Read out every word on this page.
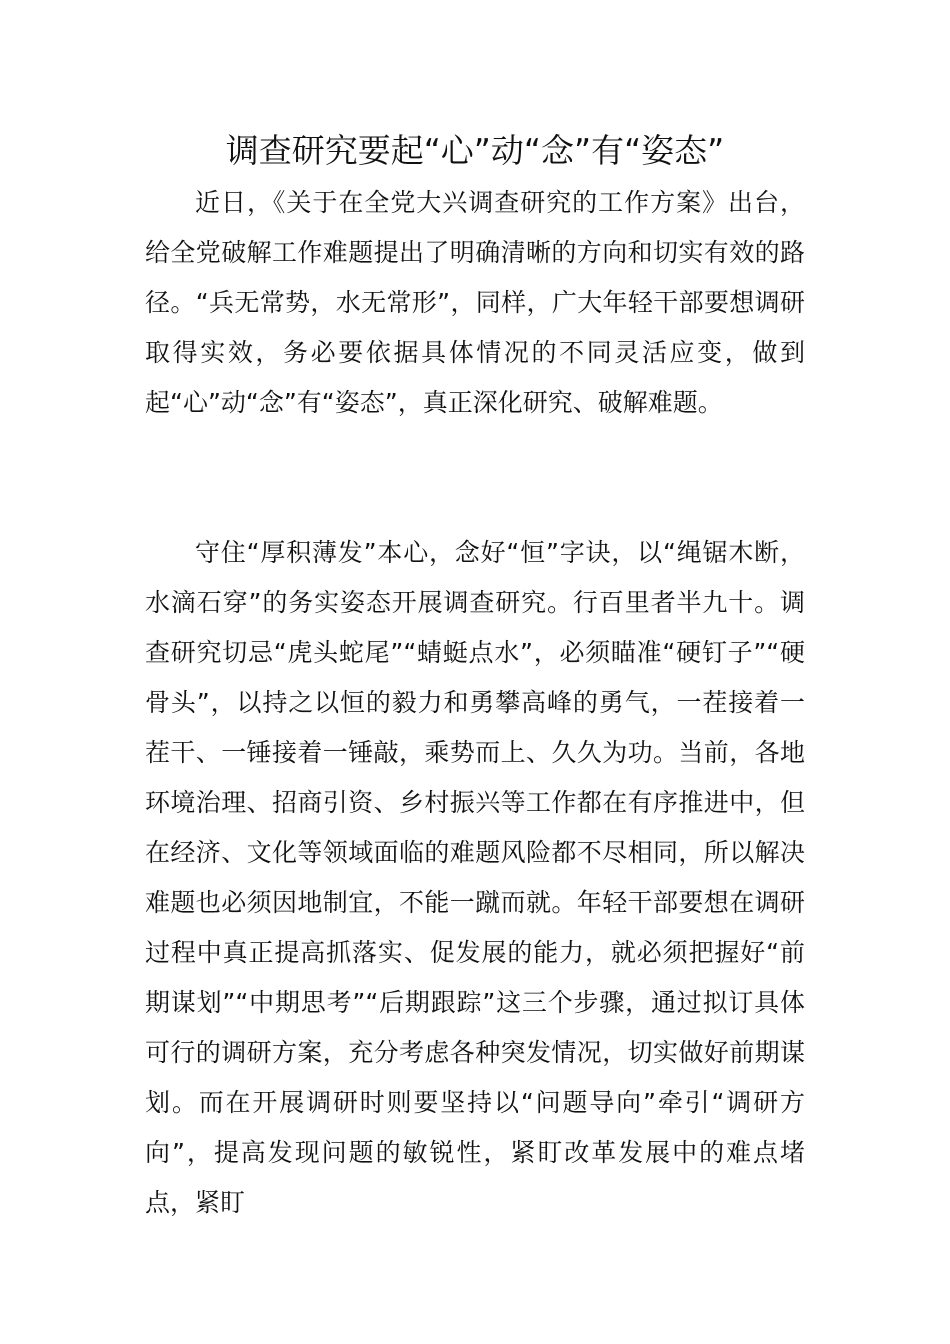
调查研究要起“心”动“念”有“姿态”

近日，《关于在全党大兴调查研究的工作方案》出台，给全党破解工作难题提出了明确清晰的方向和切实有效的路径。“兵无常势，水无常形”，同样，广大年轻干部要想调研取得实效，务必要依据具体情况的不同灵活应变，做到起“心”动“念”有“姿态”，真正深化研究、破解难题。

守住“厚积薄发”本心，念好“恒”字诀，以“绳锯木断，水滴石穿”的务实姿态开展调查研究。行百里者半九十。调查研究切忌“虎头蛇尾”“蜻蜓点水”，必须瞄准“硬钉子”“硬骨头”，以持之以恒的毅力和勇攀高峰的勇气，一茬接着一茬干、一锤接着一锤敲，乘势而上、久久为功。当前，各地环境治理、招商引资、乡村振兴等工作都在有序推进中，但在经济、文化等领域面临的难题风险都不尽相同，所以解决难题也必须因地制宜，不能一蹴而就。年轻干部要想在调研过程中真正提高抓落实、促发展的能力，就必须把握好“前期谋划”“中期思考”“后期跟踪”这三个步骤，通过拟订具体可行的调研方案，充分考虑各种突发情况，切实做好前期谋划。而在开展调研时则要坚持以“问题导向”牵引“调研方向”，提高发现问题的敏锐性，紧盯改革发展中的难点堵点，紧盯
